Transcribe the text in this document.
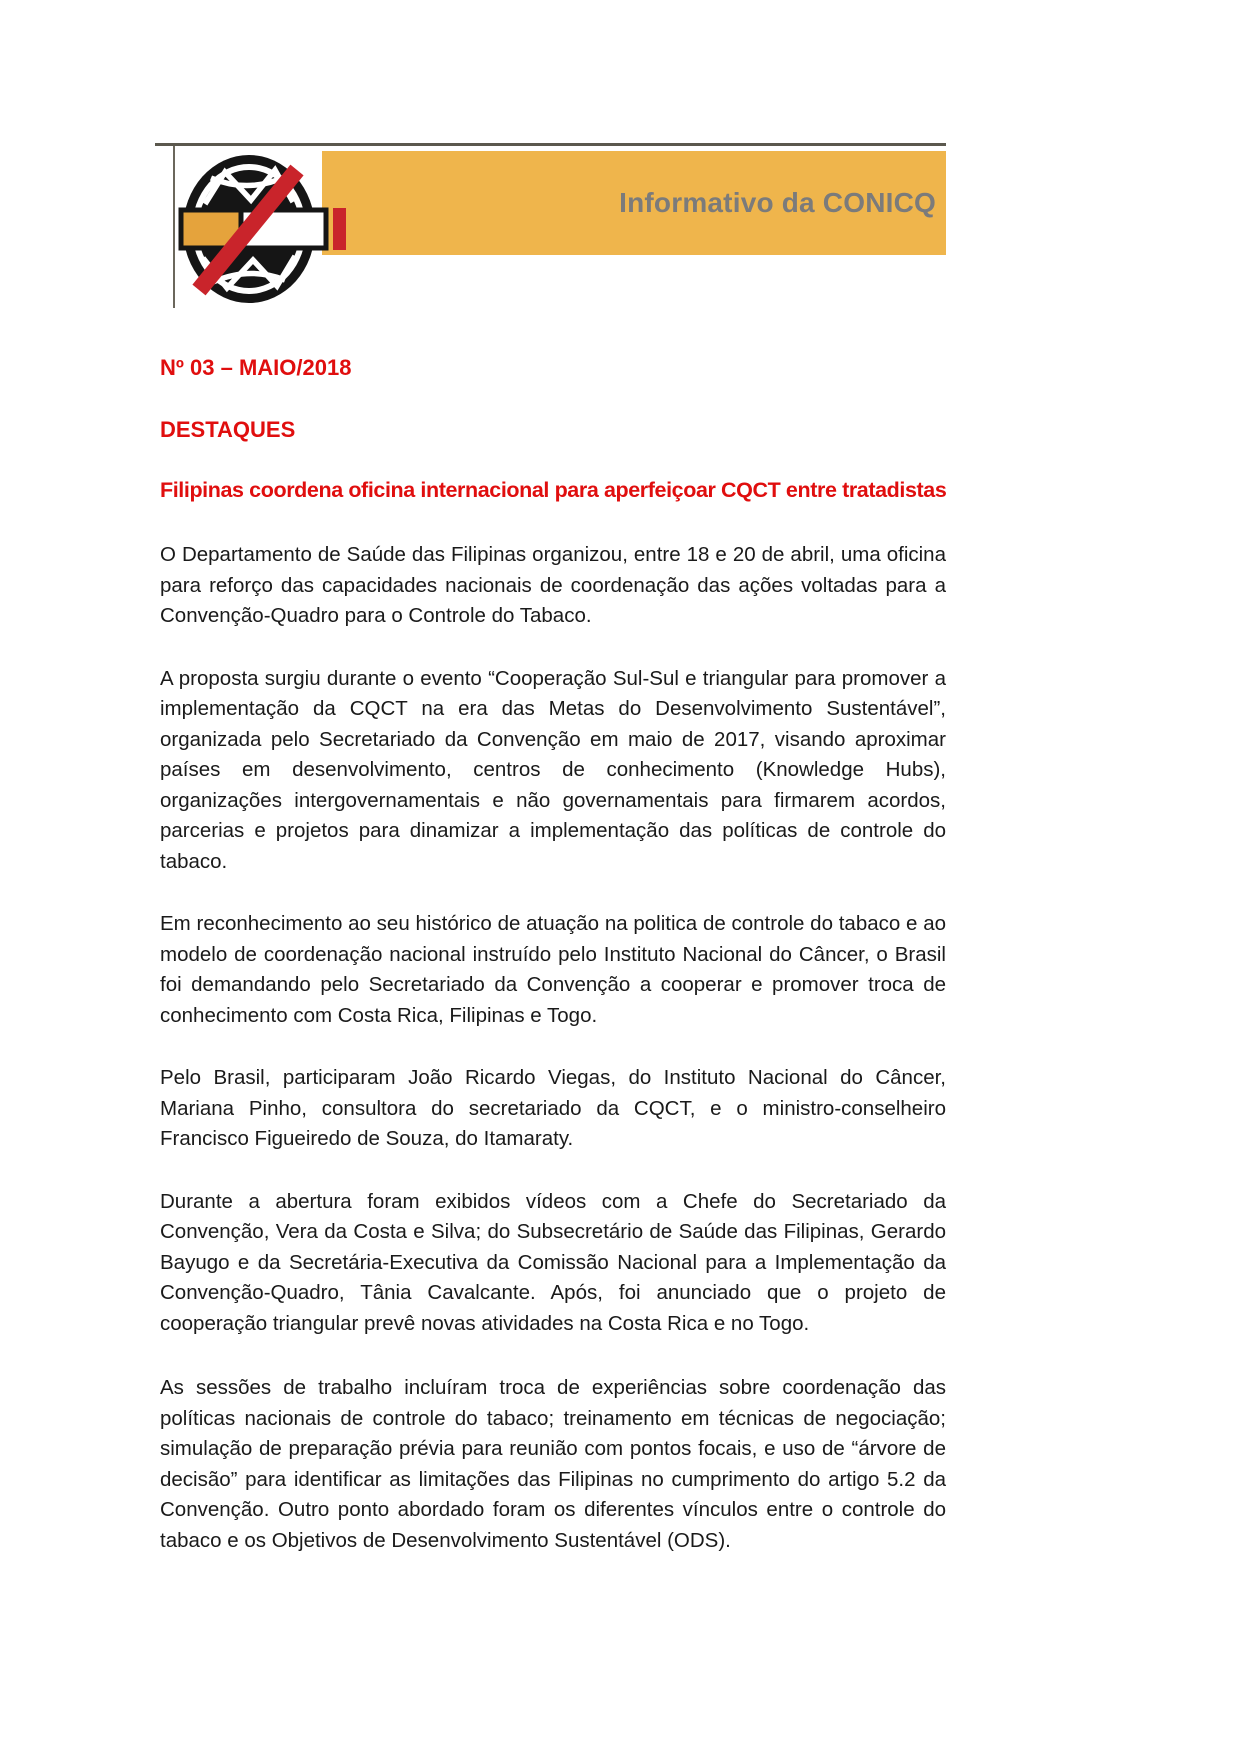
Informativo da CONICQ
Nº 03 – MAIO/2018
DESTAQUES
Filipinas coordena oficina internacional para aperfeiçoar CQCT entre tratadistas

O Departamento de Saúde das Filipinas organizou, entre 18 e 20 de abril, uma oficina para reforço das capacidades nacionais de coordenação das ações voltadas para a Convenção-Quadro para o Controle do Tabaco.

A proposta surgiu durante o evento “Cooperação Sul-Sul e triangular para promover a implementação da CQCT na era das Metas do Desenvolvimento Sustentável”, organizada pelo Secretariado da Convenção em maio de 2017, visando aproximar países em desenvolvimento, centros de conhecimento (Knowledge Hubs), organizações intergovernamentais e não governamentais para firmarem acordos, parcerias e projetos para dinamizar a implementação das políticas de controle do tabaco.

Em reconhecimento ao seu histórico de atuação na politica de controle do tabaco e ao modelo de coordenação nacional instruído pelo Instituto Nacional do Câncer, o Brasil foi demandando pelo Secretariado da Convenção a cooperar e promover troca de conhecimento com Costa Rica, Filipinas e Togo.

Pelo Brasil, participaram João Ricardo Viegas, do Instituto Nacional do Câncer, Mariana Pinho, consultora do secretariado da CQCT, e o ministro-conselheiro Francisco Figueiredo de Souza, do Itamaraty.

Durante a abertura foram exibidos vídeos com a Chefe do Secretariado da Convenção, Vera da Costa e Silva; do Subsecretário de Saúde das Filipinas, Gerardo Bayugo e da Secretária-Executiva da Comissão Nacional para a Implementação da Convenção-Quadro, Tânia Cavalcante. Após, foi anunciado que o projeto de cooperação triangular prevê novas atividades na Costa Rica e no Togo.

As sessões de trabalho incluíram troca de experiências sobre coordenação das políticas nacionais de controle do tabaco; treinamento em técnicas de negociação; simulação de preparação prévia para reunião com pontos focais, e uso de “árvore de decisão” para identificar as limitações das Filipinas no cumprimento do artigo 5.2 da Convenção. Outro ponto abordado foram os diferentes vínculos entre o controle do tabaco e os Objetivos de Desenvolvimento Sustentável (ODS).
